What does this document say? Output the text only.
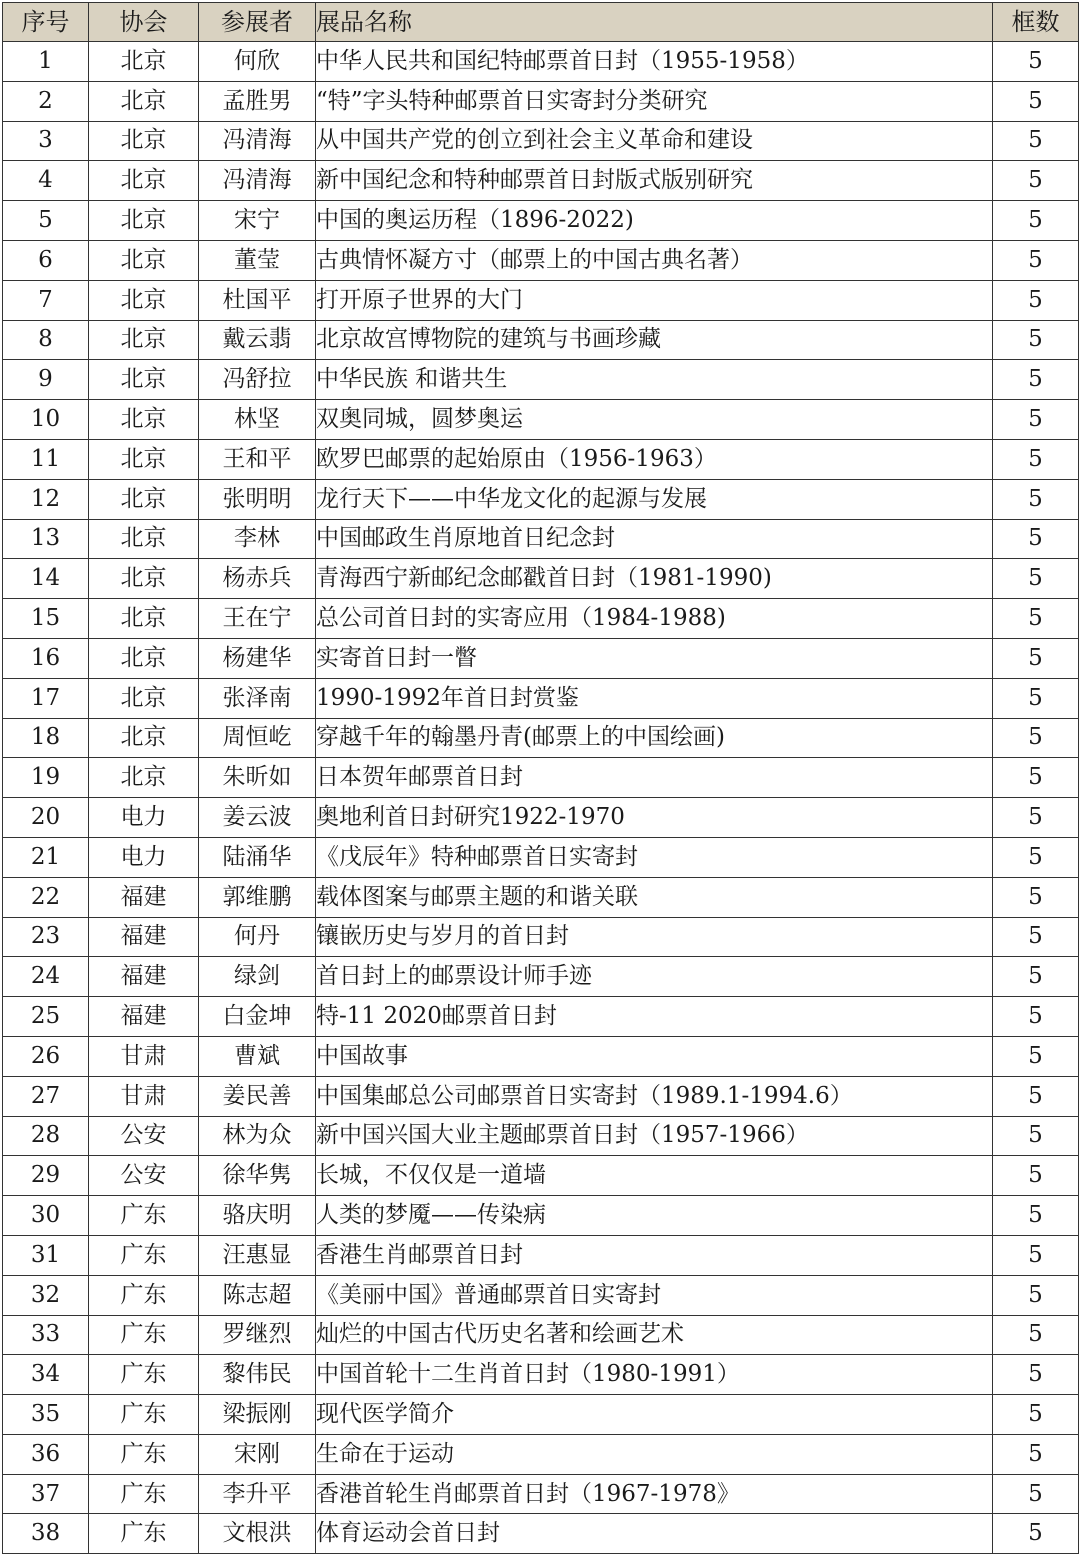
序号	协会	参展者	展品名称	框数
1	北京	何欣	中华人民共和国纪特邮票首日封（1955-1958）	5
2	北京	孟胜男	“特”字头特种邮票首日实寄封分类研究	5
3	北京	冯清海	从中国共产党的创立到社会主义革命和建设	5
4	北京	冯清海	新中国纪念和特种邮票首日封版式版别研究	5
5	北京	宋宁	中国的奥运历程（1896-2022)	5
6	北京	董莹	古典情怀凝方寸（邮票上的中国古典名著）	5
7	北京	杜国平	打开原子世界的大门	5
8	北京	戴云翡	北京故宫博物院的建筑与书画珍藏	5
9	北京	冯舒拉	中华民族 和谐共生	5
10	北京	林坚	双奥同城，圆梦奥运	5
11	北京	王和平	欧罗巴邮票的起始原由（1956-1963）	5
12	北京	张明明	龙行天下——中华龙文化的起源与发展	5
13	北京	李林	中国邮政生肖原地首日纪念封	5
14	北京	杨赤兵	青海西宁新邮纪念邮戳首日封（1981-1990)	5
15	北京	王在宁	总公司首日封的实寄应用（1984-1988)	5
16	北京	杨建华	实寄首日封一瞥	5
17	北京	张泽南	1990-1992年首日封赏鉴	5
18	北京	周恒屹	穿越千年的翰墨丹青(邮票上的中国绘画)	5
19	北京	朱昕如	日本贺年邮票首日封	5
20	电力	姜云波	奥地利首日封研究1922-1970	5
21	电力	陆涌华	《戊辰年》特种邮票首日实寄封	5
22	福建	郭维鹏	载体图案与邮票主题的和谐关联	5
23	福建	何丹	镶嵌历史与岁月的首日封	5
24	福建	绿剑	首日封上的邮票设计师手迹	5
25	福建	白金坤	特-11 2020邮票首日封	5
26	甘肃	曹斌	中国故事	5
27	甘肃	姜民善	中国集邮总公司邮票首日实寄封（1989.1-1994.6）	5
28	公安	林为众	新中国兴国大业主题邮票首日封（1957-1966）	5
29	公安	徐华隽	长城，不仅仅是一道墙	5
30	广东	骆庆明	人类的梦魇——传染病	5
31	广东	汪惠显	香港生肖邮票首日封	5
32	广东	陈志超	《美丽中国》普通邮票首日实寄封	5
33	广东	罗继烈	灿烂的中国古代历史名著和绘画艺术	5
34	广东	黎伟民	中国首轮十二生肖首日封（1980-1991）	5
35	广东	梁振刚	现代医学简介	5
36	广东	宋刚	生命在于运动	5
37	广东	李升平	香港首轮生肖邮票首日封（1967-1978》	5
38	广东	文根洪	体育运动会首日封	5
